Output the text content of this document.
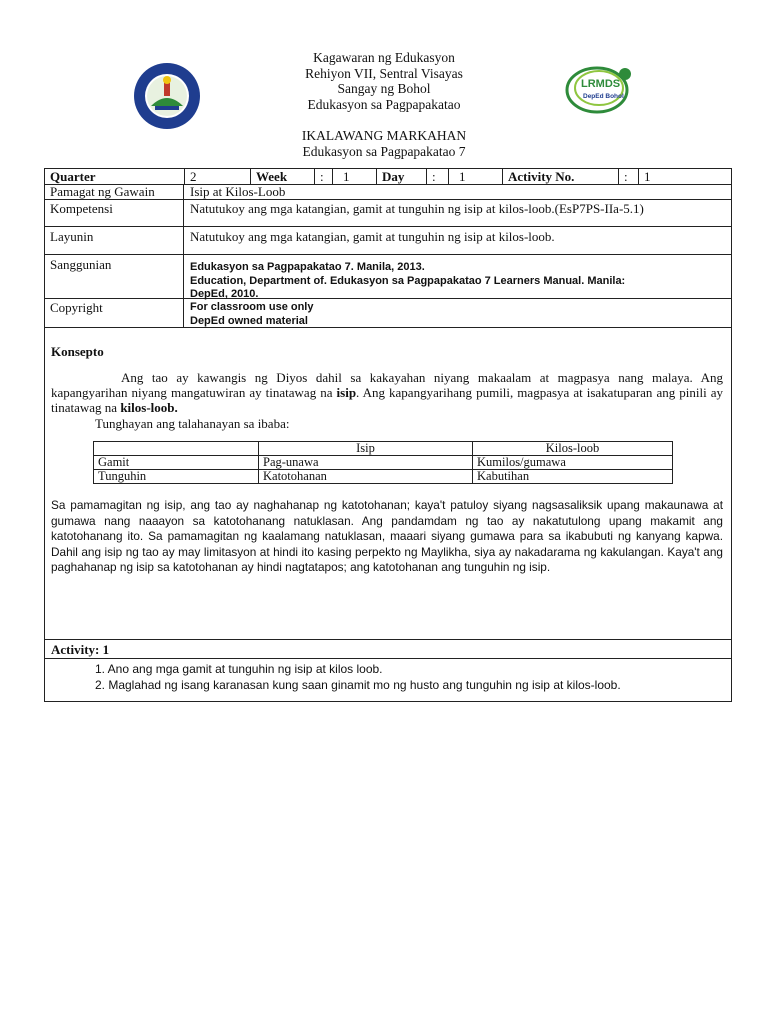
LRMDS
DepEd Bohol
Kagawaran ng Edukasyon
Rehiyon VII, Sentral Visayas
Sangay ng Bohol
Edukasyon sa Pagpapakatao
IKALAWANG MARKAHAN
Edukasyon sa Pagpapakatao 7
Quarter	2	Week	:	1	Day	:	1	Activity No.	:	1
Pamagat ng Gawain	Isip at Kilos-Loob
Kompetensi	Natutukoy ang mga katangian, gamit at tunguhin ng isip at kilos-loob.(EsP7PS-IIa-5.1)
Layunin	Natutukoy ang mga katangian, gamit at tunguhin ng isip at kilos-loob.
Sanggunian	Edukasyon sa Pagpapakatao 7. Manila, 2013.
Education, Department of. Edukasyon sa Pagpapakatao 7 Learners Manual. Manila:
DepEd, 2010.
Copyright	For classroom use only
DepEd owned material
Konsepto
Ang tao ay kawangis ng Diyos dahil sa kakayahan niyang makaalam at magpasya nang malaya. Ang kapangyarihan niyang mangatuwiran ay tinatawag na isip. Ang kapangyarihang pumili, magpasya at isakatuparan ang pinili ay tinatawag na kilos-loob.
Tunghayan ang talahanayan sa ibaba:
	Isip	Kilos-loob
Gamit	Pag-unawa	Kumilos/gumawa
Tunguhin	Katotohanan	Kabutihan
Sa pamamagitan ng isip, ang tao ay naghahanap ng katotohanan; kaya't patuloy siyang nagsasaliksik upang makaunawa at gumawa nang naaayon sa katotohanang natuklasan. Ang pandamdam ng tao ay nakatutulong upang makamit ang katotohanang ito. Sa pamamagitan ng kaalamang natuklasan, maaari siyang gumawa para sa ikabubuti ng kanyang kapwa. Dahil ang isip ng tao ay may limitasyon at hindi ito kasing perpekto ng Maylikha, siya ay nakadarama ng kakulangan. Kaya't ang paghahanap ng isip sa katotohanan ay hindi nagtatapos; ang katotohanan ang tunguhin ng isip.
Activity: 1
1. Ano ang mga gamit at tunguhin ng isip at kilos loob.
2. Maglahad ng isang karanasan kung saan ginamit mo ng husto ang tunguhin ng isip at kilos-loob.
